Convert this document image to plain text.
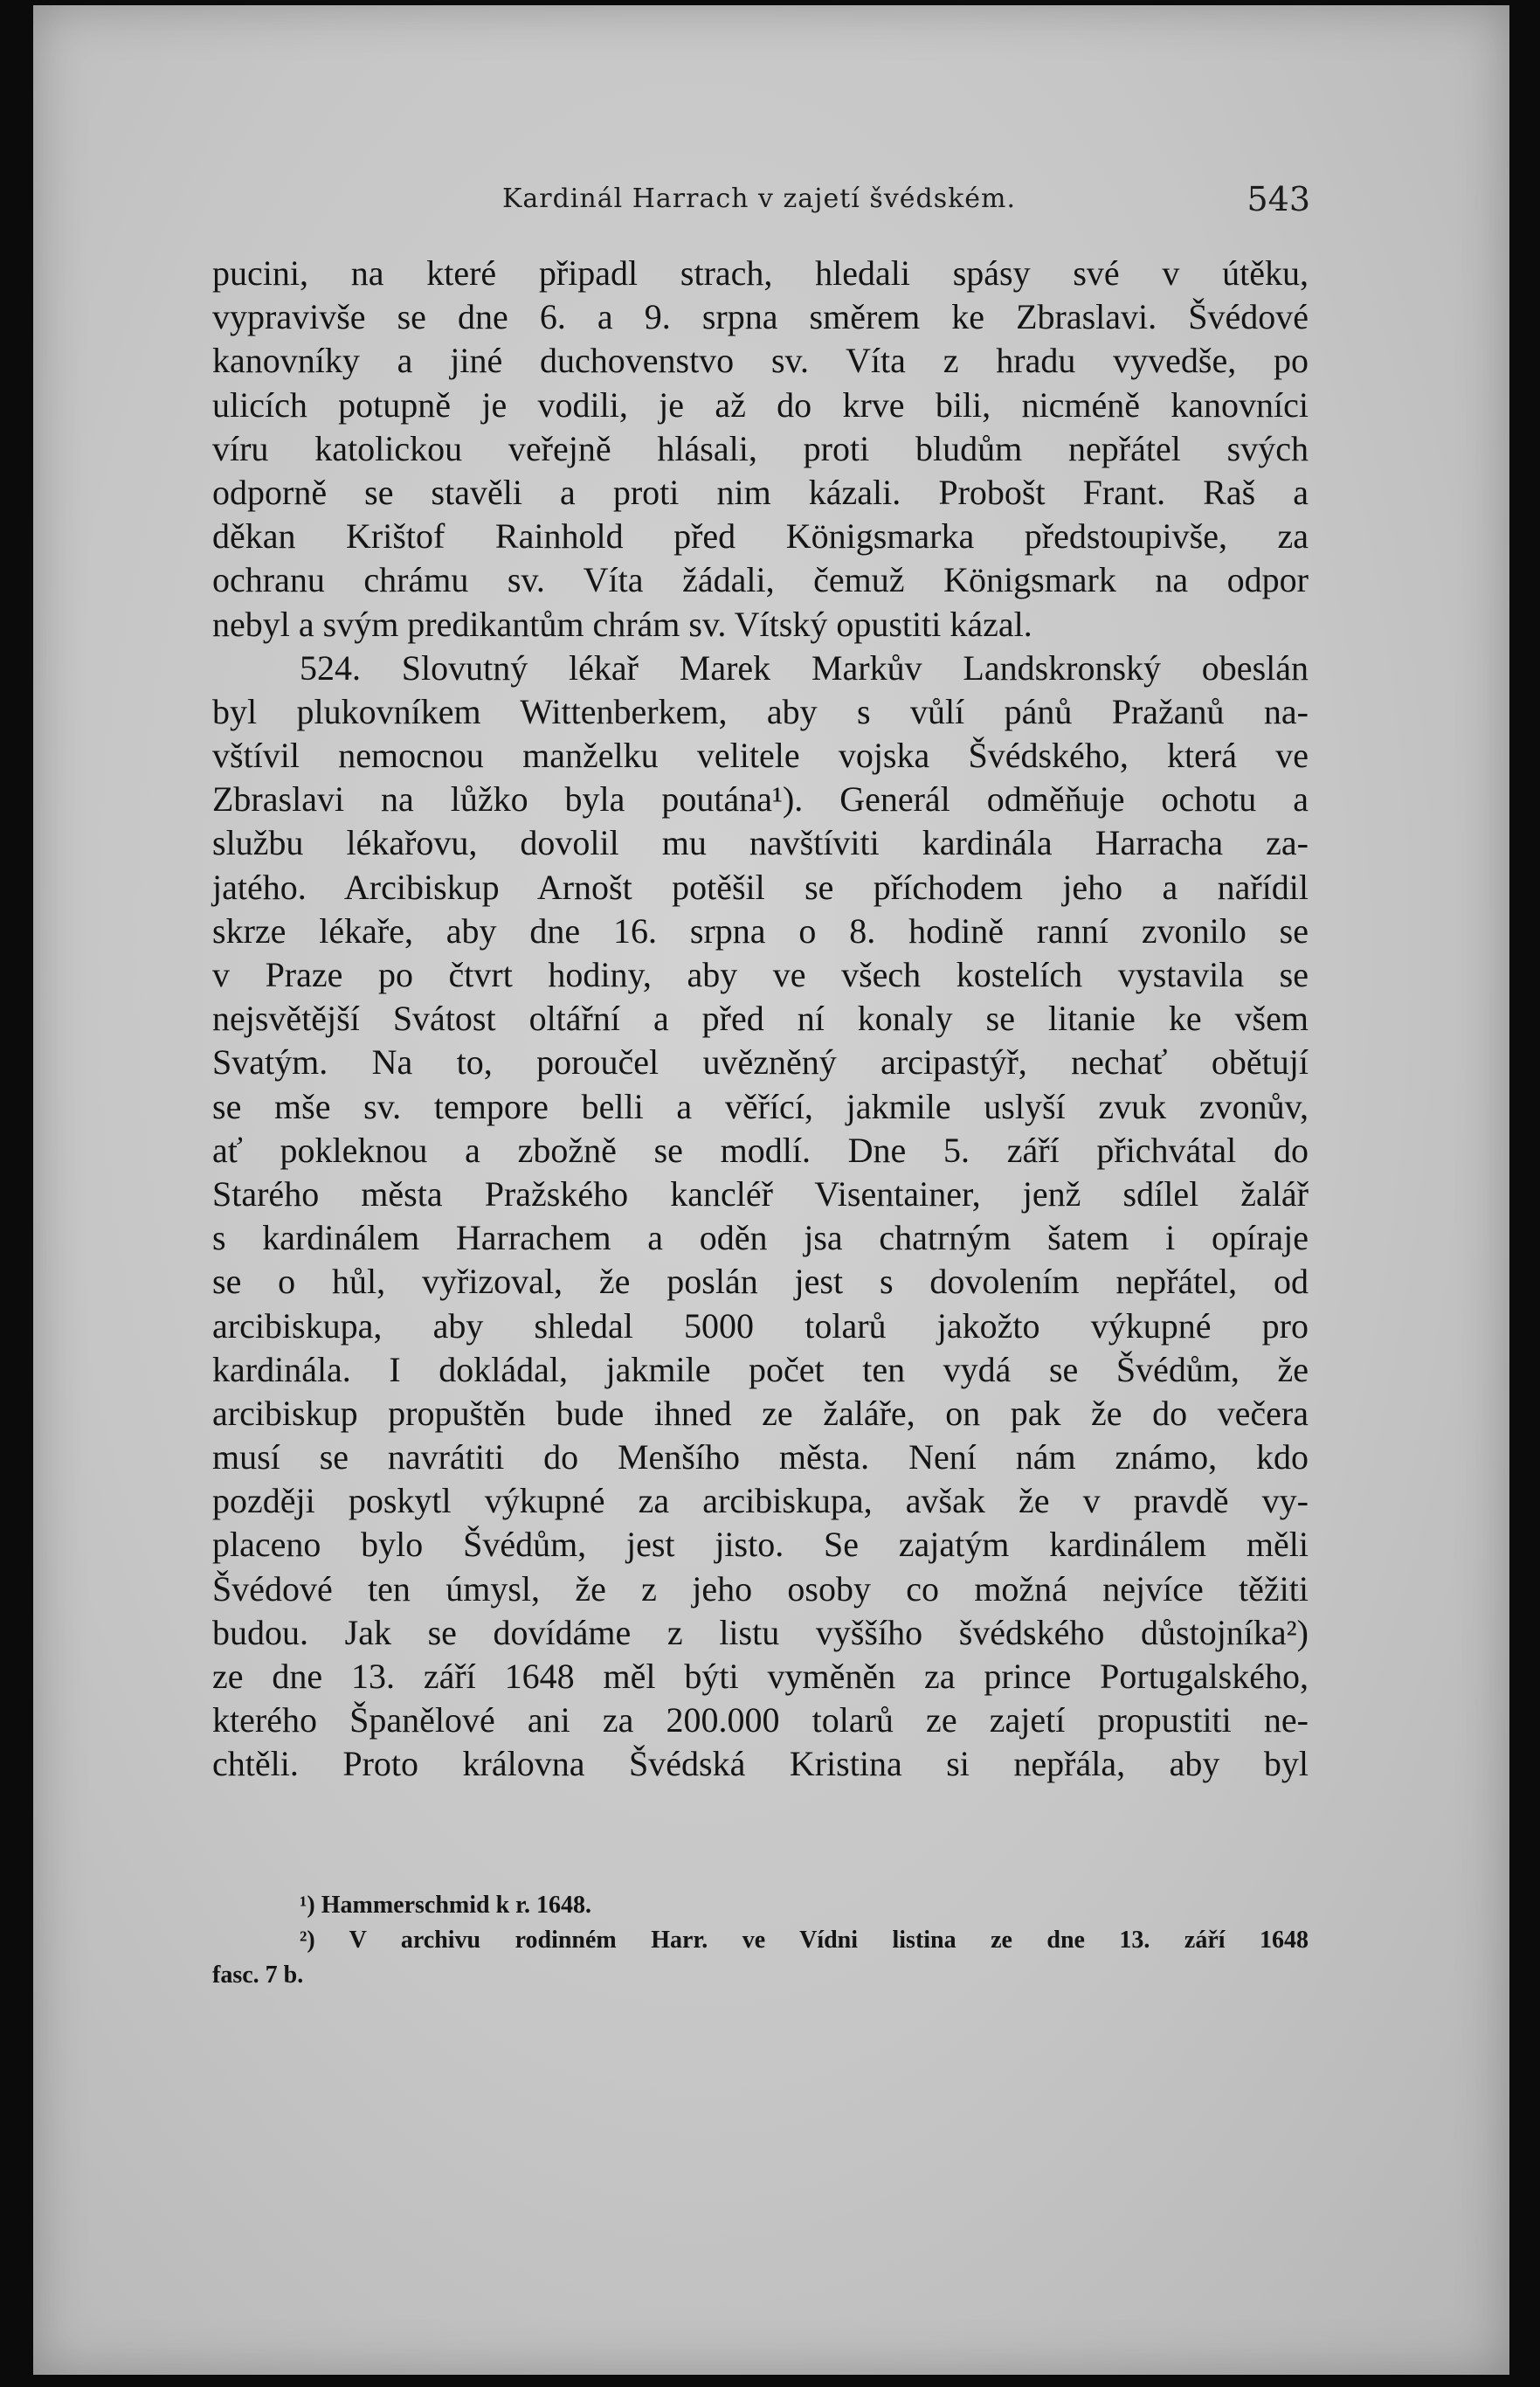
Kardinál Harrach v zajetí švédském.	543
pucini, na které připadl strach, hledali spásy své v útěku,
vypravivše se dne 6. a 9. srpna směrem ke Zbraslavi. Švédové
kanovníky a jiné duchovenstvo sv. Víta z hradu vyvedše, po
ulicích potupně je vodili, je až do krve bili, nicméně kanovníci
víru katolickou veřejně hlásali, proti bludům nepřátel svých
odporně se stavěli a proti nim kázali. Probošt Frant. Raš a
děkan Krištof Rainhold před Königsmarka předstoupivše, za
ochranu chrámu sv. Víta žádali, čemuž Königsmark na odpor
nebyl a svým predikantům chrám sv. Vítský opustiti kázal.
524. Slovutný lékař Marek Markův Landskronský obeslán
byl plukovníkem Wittenberkem, aby s vůlí pánů Pražanů na-
vštívil nemocnou manželku velitele vojska Švédského, která ve
Zbraslavi na lůžko byla poutána¹). Generál odměňuje ochotu a
službu lékařovu, dovolil mu navštíviti kardinála Harracha za-
jatého. Arcibiskup Arnošt potěšil se příchodem jeho a nařídil
skrze lékaře, aby dne 16. srpna o 8. hodině ranní zvonilo se
v Praze po čtvrt hodiny, aby ve všech kostelích vystavila se
nejsvětější Svátost oltářní a před ní konaly se litanie ke všem
Svatým. Na to, poroučel uvězněný arcipastýř, nechať obětují
se mše sv. tempore belli a věřící, jakmile uslyší zvuk zvonův,
ať pokleknou a zbožně se modlí. Dne 5. září přichvátal do
Starého města Pražského kancléř Visentainer, jenž sdílel žalář
s kardinálem Harrachem a oděn jsa chatrným šatem i opíraje
se o hůl, vyřizoval, že poslán jest s dovolením nepřátel, od
arcibiskupa, aby shledal 5000 tolarů jakožto výkupné pro
kardinála. I dokládal, jakmile počet ten vydá se Švédům, že
arcibiskup propuštěn bude ihned ze žaláře, on pak že do večera
musí se navrátiti do Menšího města. Není nám známo, kdo
později poskytl výkupné za arcibiskupa, avšak že v pravdě vy-
placeno bylo Švédům, jest jisto. Se zajatým kardinálem měli
Švédové ten úmysl, že z jeho osoby co možná nejvíce těžiti
budou. Jak se dovídáme z listu vyššího švédského důstojníka²)
ze dne 13. září 1648 měl býti vyměněn za prince Portugalského,
kterého Španělové ani za 200.000 tolarů ze zajetí propustiti ne-
chtěli. Proto královna Švédská Kristina si nepřála, aby byl
¹) Hammerschmid k r. 1648.
²) V archivu rodinném Harr. ve Vídni listina ze dne 13. září 1648
fasc. 7 b.
